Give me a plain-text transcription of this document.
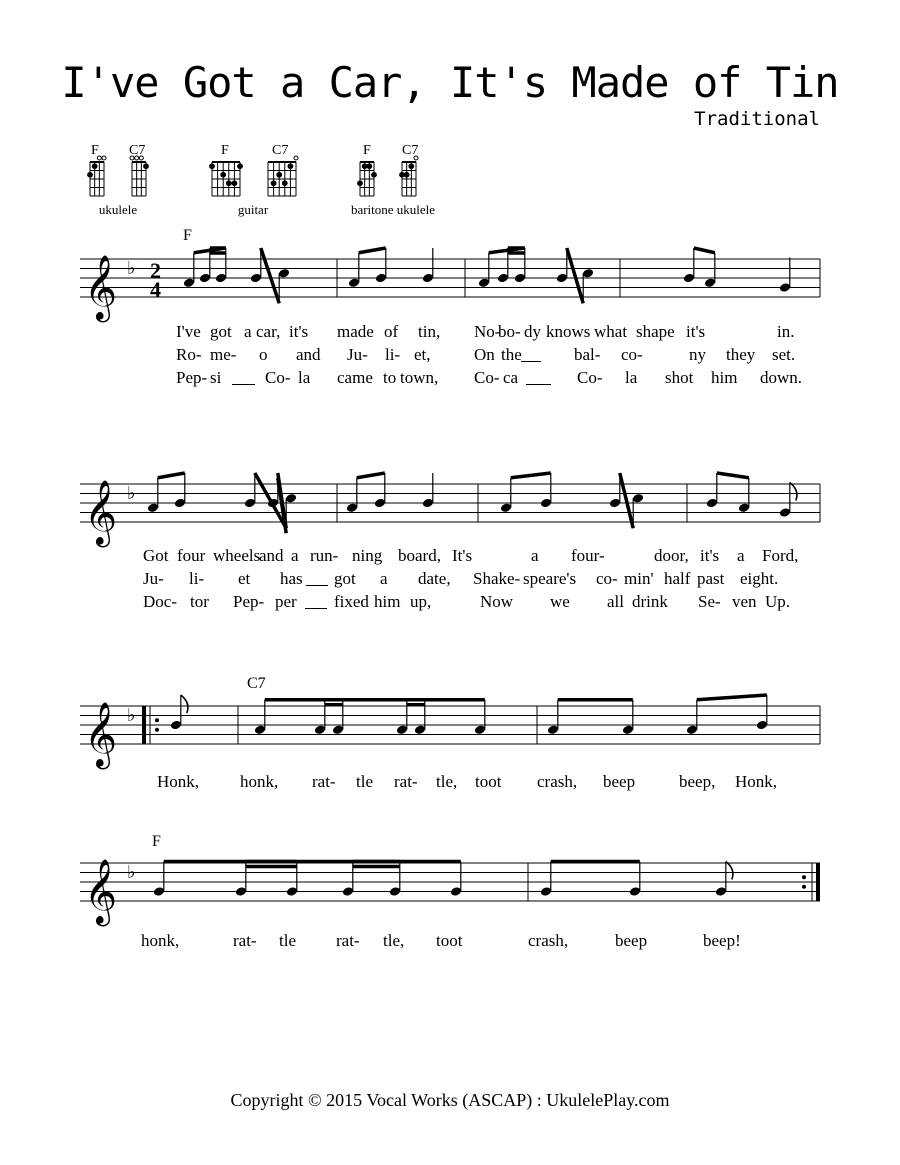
I've Got a Car, It's Made of Tin
Traditional
F C7	F	C7	F C7
ukulele	guitar	baritone ukulele
F
C7
F
𝄞 ♭ 2
4
𝄞 ♭
𝄞 ♭
𝄞 ♭
I've got a car, it's made of tin, No-
bo- dy knows what shape it's	in.
Ro- me- o and Ju- li- et,	On the	bal- co-	ny they set.
Pep- si	Co- la came to town, Co- ca	Co- la shot him down.
Got four wheels
and a run- ning board, It's	a four-	door, it's a Ford,
Ju- li- et has got a date, Shake- speare's co- min' half past eight.
Doc- tor Pep- per fixed him up,	Now we all drink Se- ven Up.
Honk, honk, rat- tle rat- tle, toot crash, beep	beep, Honk,
honk,	rat- tle rat- tle, toot	crash,	beep	beep!
Copyright © 2015 Vocal Works (ASCAP) : UkulelePlay.com
